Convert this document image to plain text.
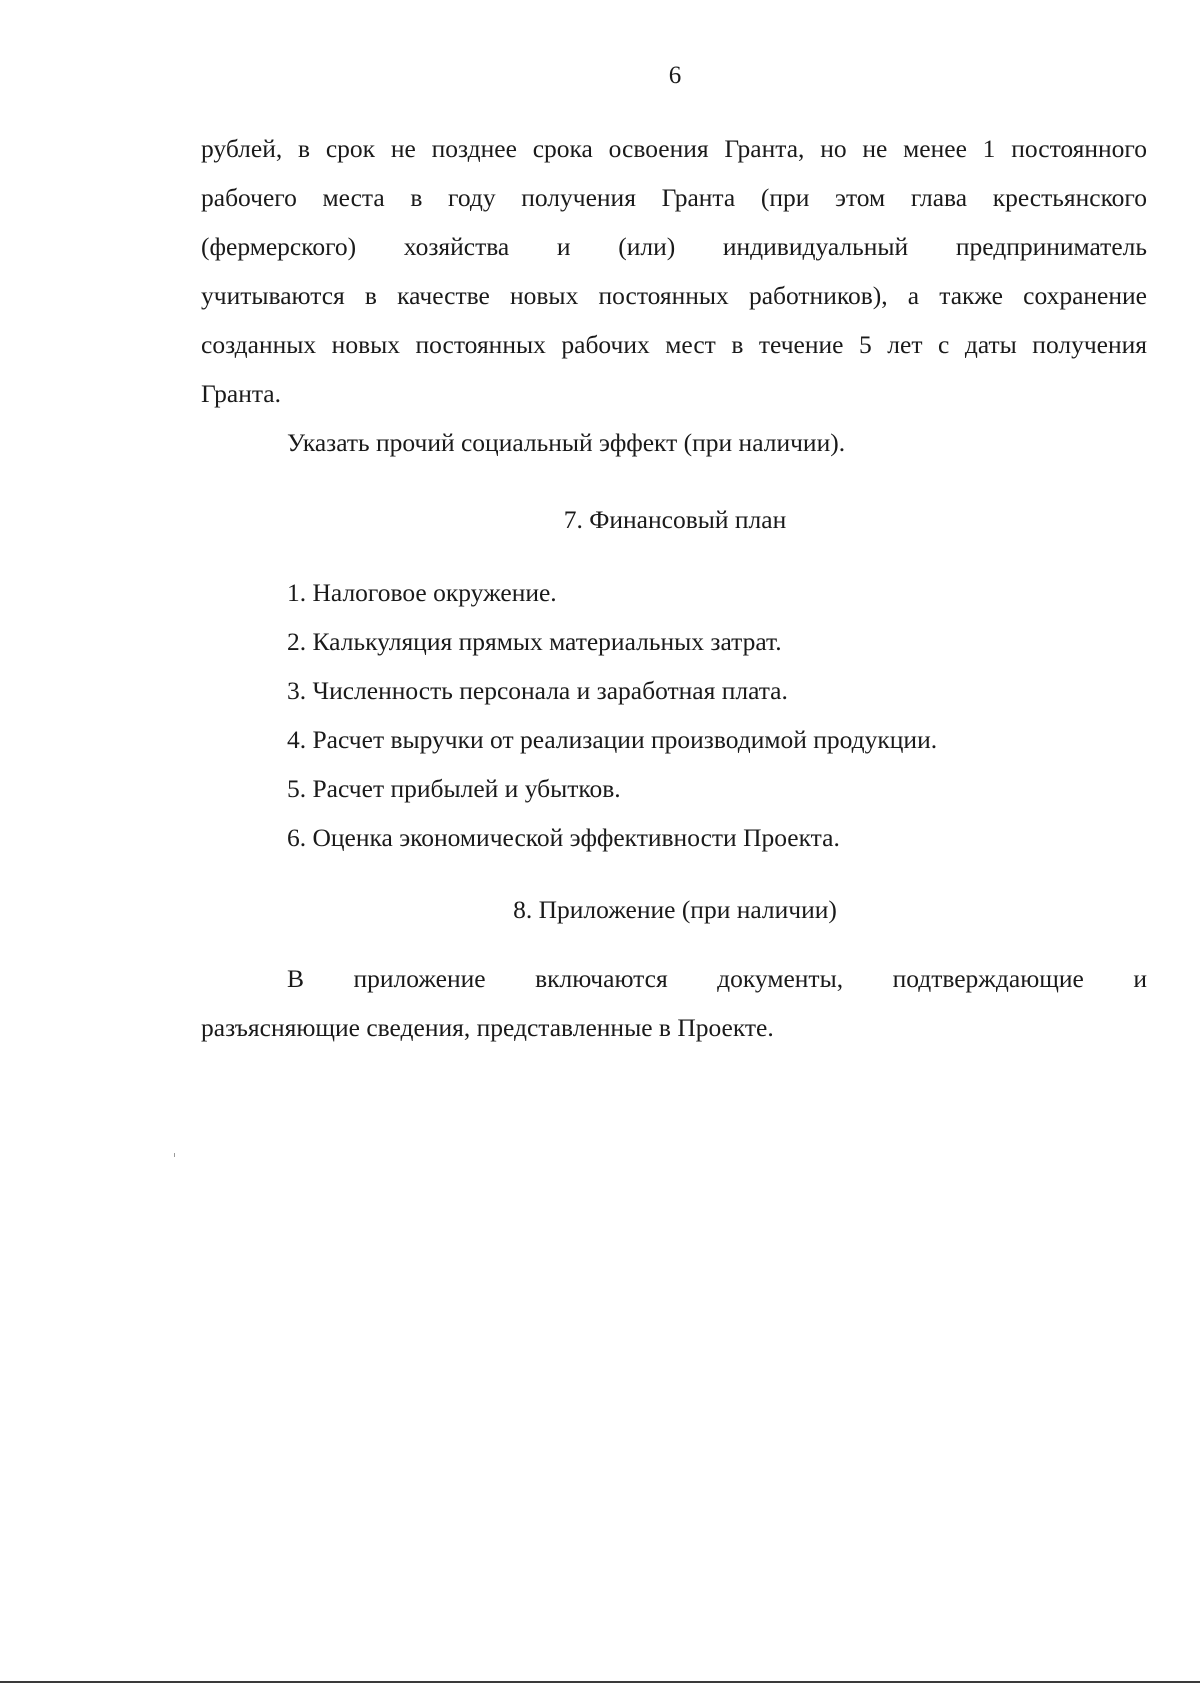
6
рублей, в срок не позднее срока освоения Гранта, но не менее 1 постоянного
рабочего места в году получения Гранта (при этом глава крестьянского
(фермерского) хозяйства и (или) индивидуальный предприниматель
учитываются в качестве новых постоянных работников), а также сохранение
созданных новых постоянных рабочих мест в течение 5 лет с даты получения
Гранта.
Указать прочий социальный эффект (при наличии).
7. Финансовый план
1. Налоговое окружение.
2. Калькуляция прямых материальных затрат.
3. Численность персонала и заработная плата.
4. Расчет выручки от реализации производимой продукции.
5. Расчет прибылей и убытков.
6. Оценка экономической эффективности Проекта.
8. Приложение (при наличии)
В приложение включаются документы, подтверждающие и
разъясняющие сведения, представленные в Проекте.
